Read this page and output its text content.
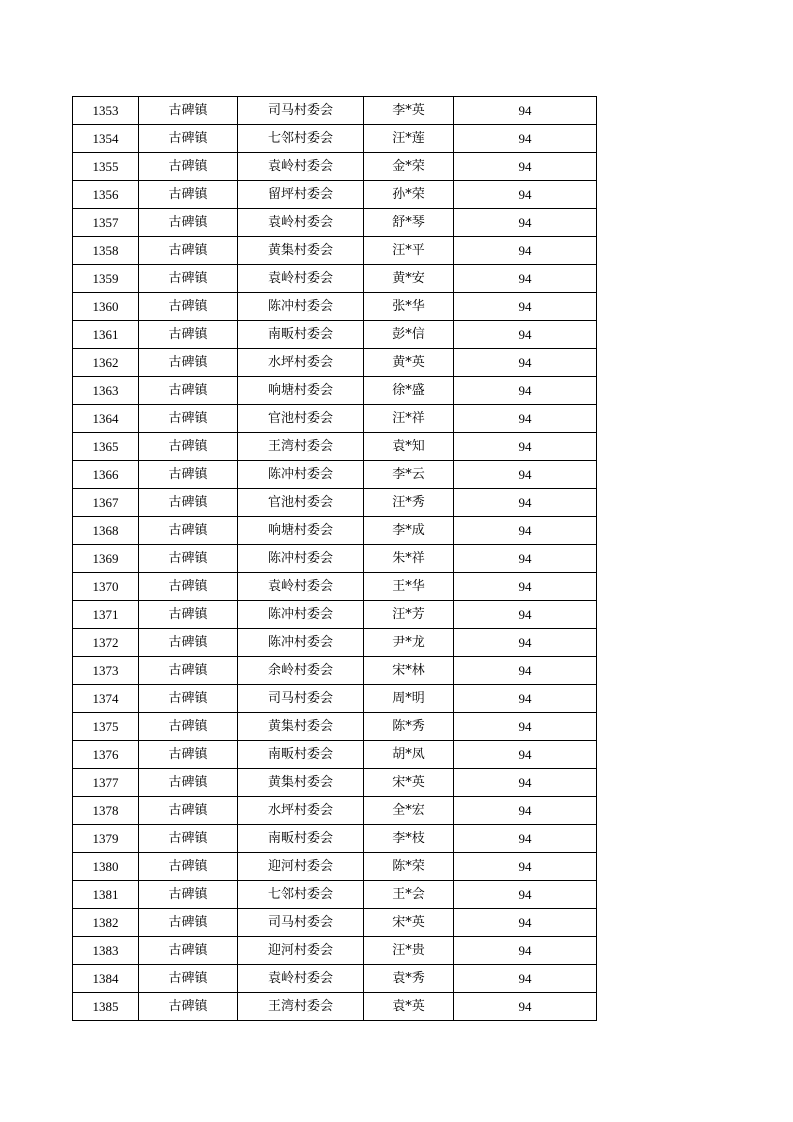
1353	古碑镇	司马村委会	李*英	94
1354	古碑镇	七邻村委会	汪*莲	94
1355	古碑镇	袁岭村委会	金*荣	94
1356	古碑镇	留坪村委会	孙*荣	94
1357	古碑镇	袁岭村委会	舒*琴	94
1358	古碑镇	黄集村委会	汪*平	94
1359	古碑镇	袁岭村委会	黄*安	94
1360	古碑镇	陈冲村委会	张*华	94
1361	古碑镇	南畈村委会	彭*信	94
1362	古碑镇	水坪村委会	黄*英	94
1363	古碑镇	响塘村委会	徐*盛	94
1364	古碑镇	官池村委会	汪*祥	94
1365	古碑镇	王湾村委会	袁*知	94
1366	古碑镇	陈冲村委会	李*云	94
1367	古碑镇	官池村委会	汪*秀	94
1368	古碑镇	响塘村委会	李*成	94
1369	古碑镇	陈冲村委会	朱*祥	94
1370	古碑镇	袁岭村委会	王*华	94
1371	古碑镇	陈冲村委会	汪*芳	94
1372	古碑镇	陈冲村委会	尹*龙	94
1373	古碑镇	余岭村委会	宋*林	94
1374	古碑镇	司马村委会	周*明	94
1375	古碑镇	黄集村委会	陈*秀	94
1376	古碑镇	南畈村委会	胡*凤	94
1377	古碑镇	黄集村委会	宋*英	94
1378	古碑镇	水坪村委会	全*宏	94
1379	古碑镇	南畈村委会	李*枝	94
1380	古碑镇	迎河村委会	陈*荣	94
1381	古碑镇	七邻村委会	王*会	94
1382	古碑镇	司马村委会	宋*英	94
1383	古碑镇	迎河村委会	汪*贵	94
1384	古碑镇	袁岭村委会	袁*秀	94
1385	古碑镇	王湾村委会	袁*英	94
